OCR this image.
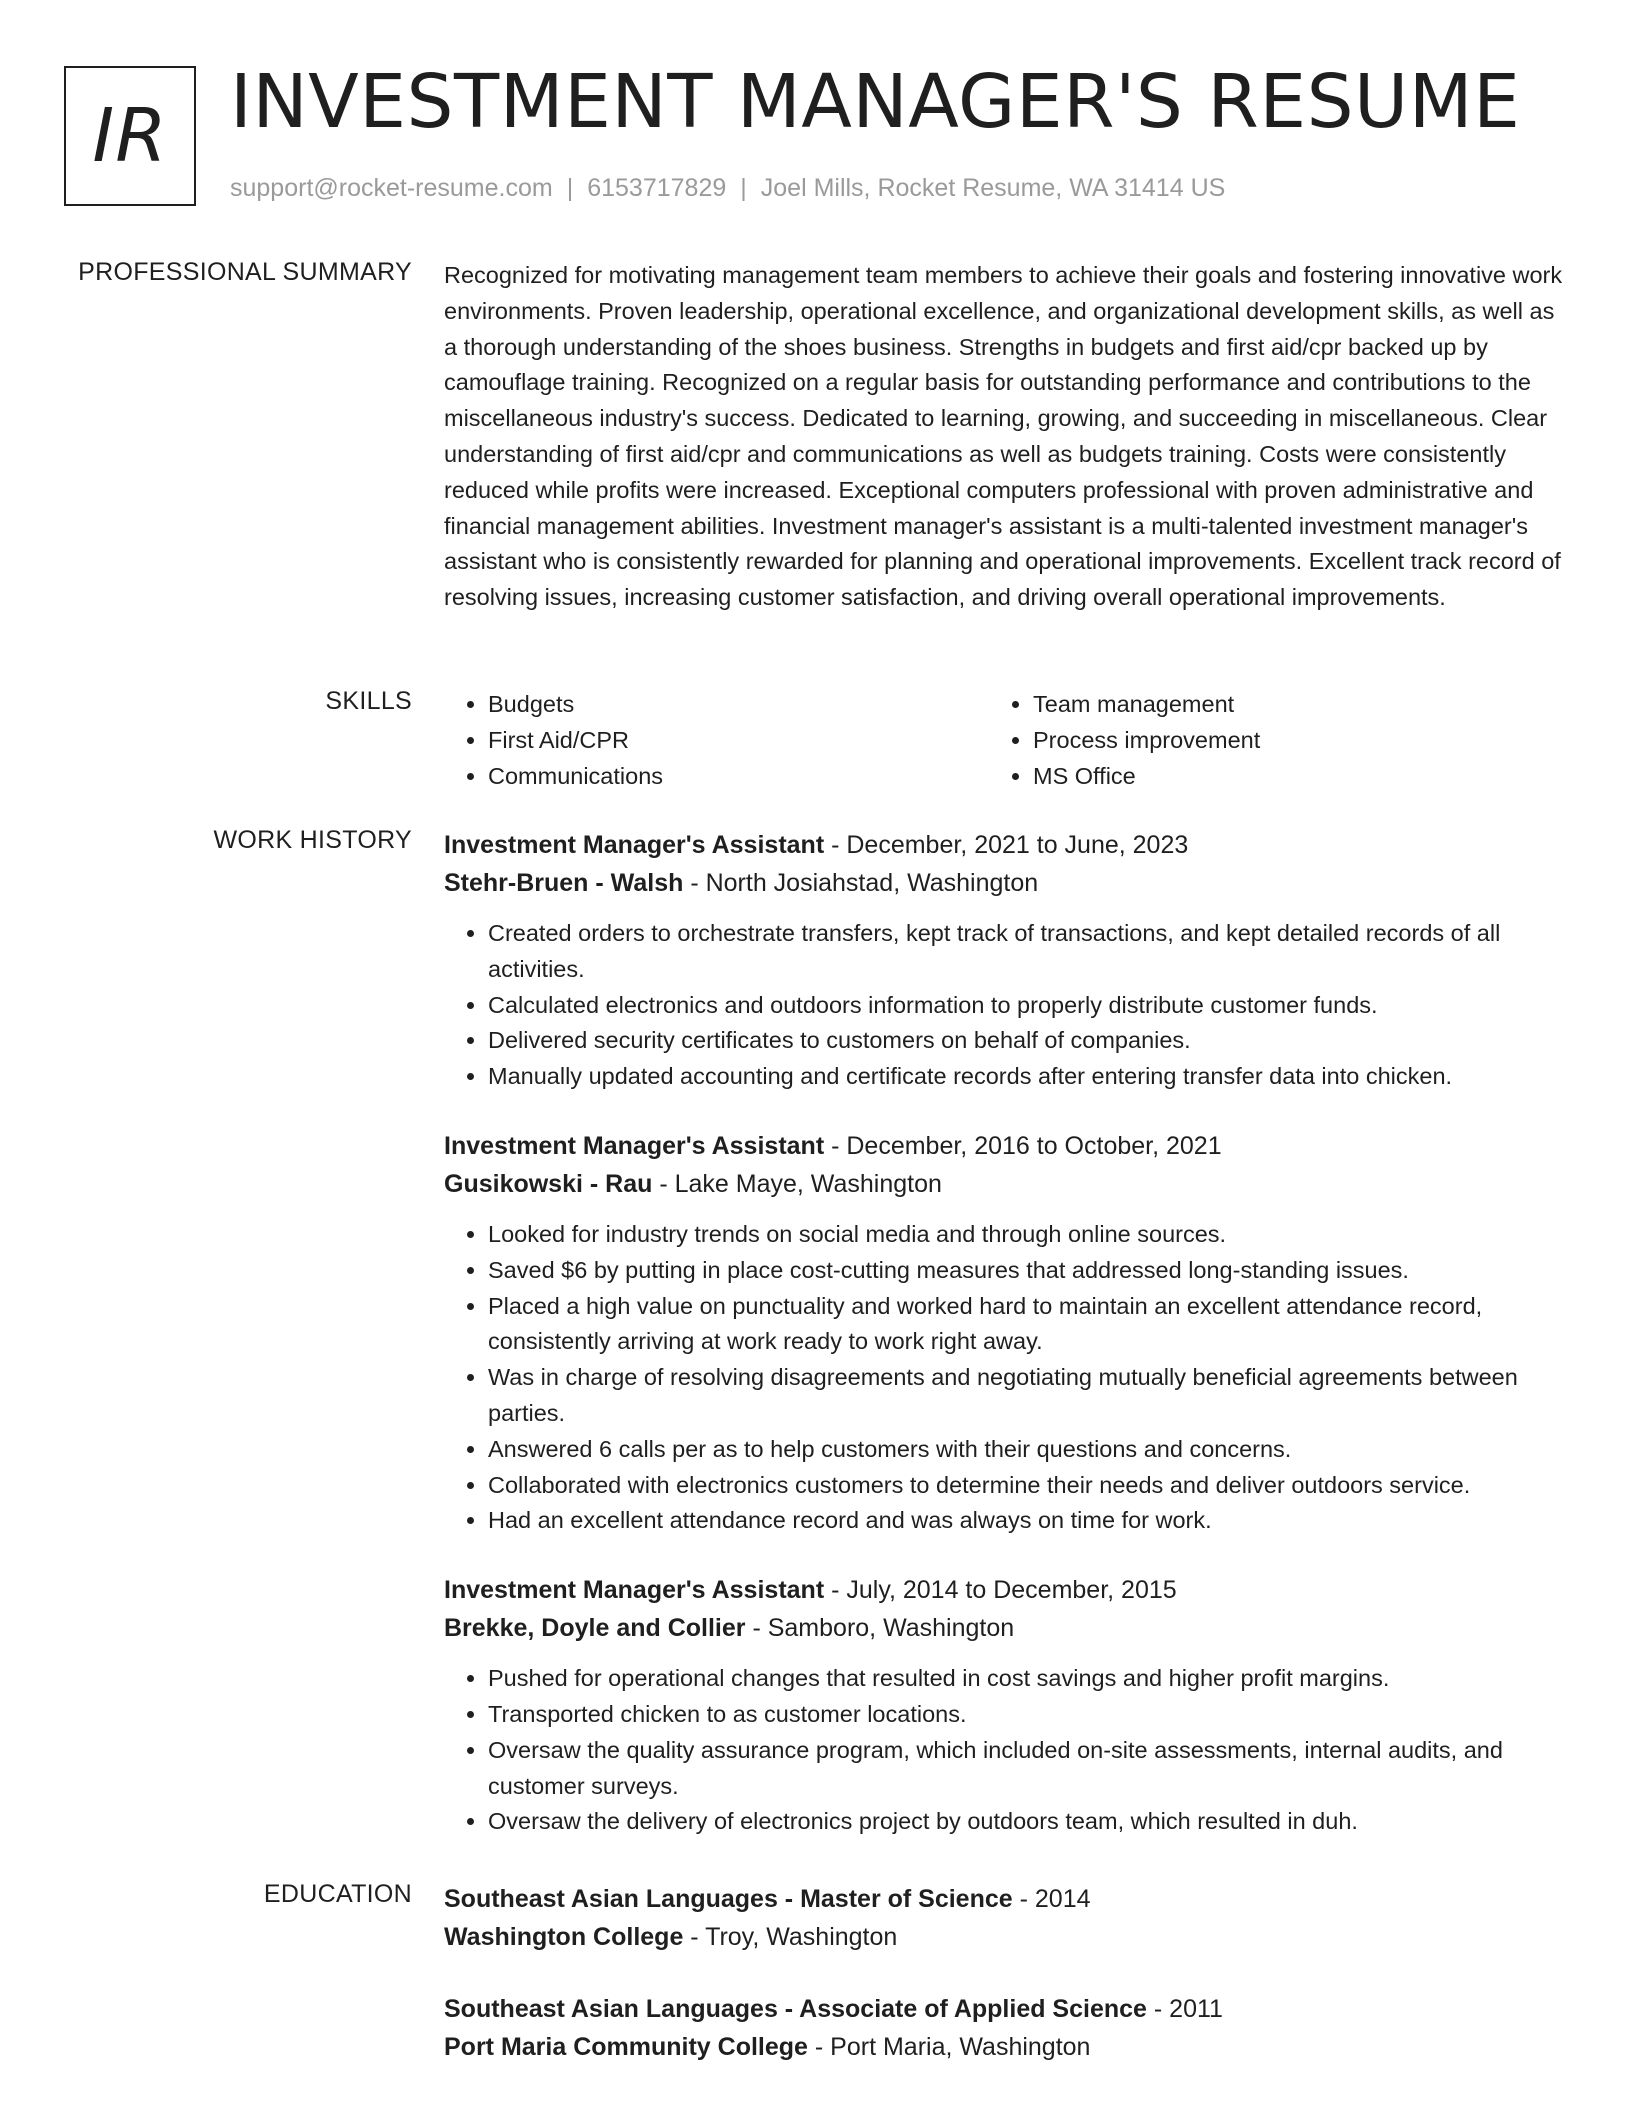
IR INVESTMENT MANAGER'S RESUME
support@rocket-resume.com | 6153717829 | Joel Mills, Rocket Resume, WA 31414 US
PROFESSIONAL SUMMARY Recognized for motivating management team members to achieve their goals and fostering innovative work environments. Proven leadership, operational excellence, and organizational development skills, as well as a thorough understanding of the shoes business. Strengths in budgets and first aid/cpr backed up by camouflage training. Recognized on a regular basis for outstanding performance and contributions to the miscellaneous industry's success. Dedicated to learning, growing, and succeeding in miscellaneous. Clear understanding of first aid/cpr and communications as well as budgets training. Costs were consistently reduced while profits were increased. Exceptional computers professional with proven administrative and financial management abilities. Investment manager's assistant is a multi-talented investment manager's assistant who is consistently rewarded for planning and operational improvements. Excellent track record of resolving issues, increasing customer satisfaction, and driving overall operational improvements.

SKILLS
•	Budgets
• First Aid/CPR
• Communications
• Team management
• Process improvement
• MS Office
WORK HISTORY Investment Manager's Assistant - December, 2021 to June, 2023
Stehr-Bruen - Walsh - North Josiahstad, Washington
• Created orders to orchestrate transfers, kept track of transactions, and kept detailed records of all activities.
• Calculated electronics and outdoors information to properly distribute customer funds.
• Delivered security certificates to customers on behalf of companies.
• Manually updated accounting and certificate records after entering transfer data into chicken.
Investment Manager's Assistant - December, 2016 to October, 2021
Gusikowski - Rau - Lake Maye, Washington
• Looked for industry trends on social media and through online sources.
• Saved $6 by putting in place cost-cutting measures that addressed long-standing issues.
• Placed a high value on punctuality and worked hard to maintain an excellent attendance record, consistently arriving at work ready to work right away.
• Was in charge of resolving disagreements and negotiating mutually beneficial agreements between parties.
• Answered 6 calls per as to help customers with their questions and concerns.
• Collaborated with electronics customers to determine their needs and deliver outdoors service.
• Had an excellent attendance record and was always on time for work.
Investment Manager's Assistant - July, 2014 to December, 2015
Brekke, Doyle and Collier - Samboro, Washington
• Pushed for operational changes that resulted in cost savings and higher profit margins.
• Transported chicken to as customer locations.
• Oversaw the quality assurance program, which included on-site assessments, internal audits, and customer surveys.
• Oversaw the delivery of electronics project by outdoors team, which resulted in duh.
EDUCATION Southeast Asian Languages - Master of Science - 2014
Washington College - Troy, Washington
Southeast Asian Languages - Associate of Applied Science - 2011
Port Maria Community College - Port Maria, Washington
